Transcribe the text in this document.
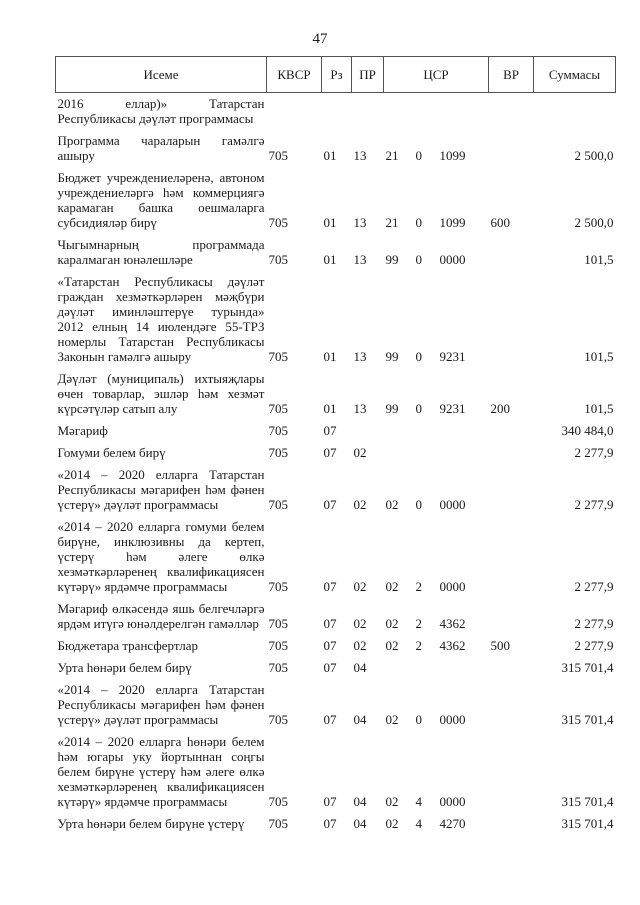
47
Исеме	КВСР	Рз	ПР	ЦСР			ВР	Суммасы
2016 еллар)» Татарстан Республикасы дәүләт программасы								
Программа чараларын гамәлгә ашыру	705	01	13	21	0	1099		2 500,0
Бюджет учреждениеләренә, автоном учреждениеләргә һәм коммерциягә карамаган башка оешмаларга субсидияләр бирү	705	01	13	21	0	1099	600	2 500,0
Чыгымнарның программада каралмаган юнәлешләре	705	01	13	99	0	0000		101,5
«Татарстан Республикасы дәүләт граждан хезмәткәрләрен мәҗбүри дәүләт иминләштерүе турында» 2012 елның 14 июлендәге 55-ТРЗ номерлы Татарстан Республикасы Законын гамәлгә ашыру	705	01	13	99	0	9231		101,5
Дәүләт (муниципаль) ихтыяҗлары өчен товарлар, эшләр һәм хезмәт күрсәтүләр сатып алу	705	01	13	99	0	9231	200	101,5
Мәгариф	705	07						340 484,0
Гомуми белем бирү	705	07	02					2 277,9
«2014 – 2020 елларга Татарстан Республикасы мәгарифен һәм фәнен үстерү» дәүләт программасы	705	07	02	02	0	0000		2 277,9
«2014 – 2020 елларга гомуми белем бирүне, инклюзивны да кертеп, үстерү һәм әлеге өлкә хезмәткәрләренең квалификациясен күтәрү» ярдәмче программасы	705	07	02	02	2	0000		2 277,9
Мәгариф өлкәсендә яшь белгечләргә ярдәм итүгә юнәлдерелгән гамәлләр	705	07	02	02	2	4362		2 277,9
Бюджетара трансфертлар	705	07	02	02	2	4362	500	2 277,9
Урта һөнәри белем бирү	705	07	04					315 701,4
«2014 – 2020 елларга Татарстан Республикасы мәгарифен һәм фәнен үстерү» дәүләт программасы	705	07	04	02	0	0000		315 701,4
«2014 – 2020 елларга һөнәри белем һәм югары уку йортыннан соңгы белем бирүне үстерү һәм әлеге өлкә хезмәткәрләренең квалификациясен күтәрү» ярдәмче программасы	705	07	04	02	4	0000		315 701,4
Урта һөнәри белем бирүне үстерү	705	07	04	02	4	4270		315 701,4
